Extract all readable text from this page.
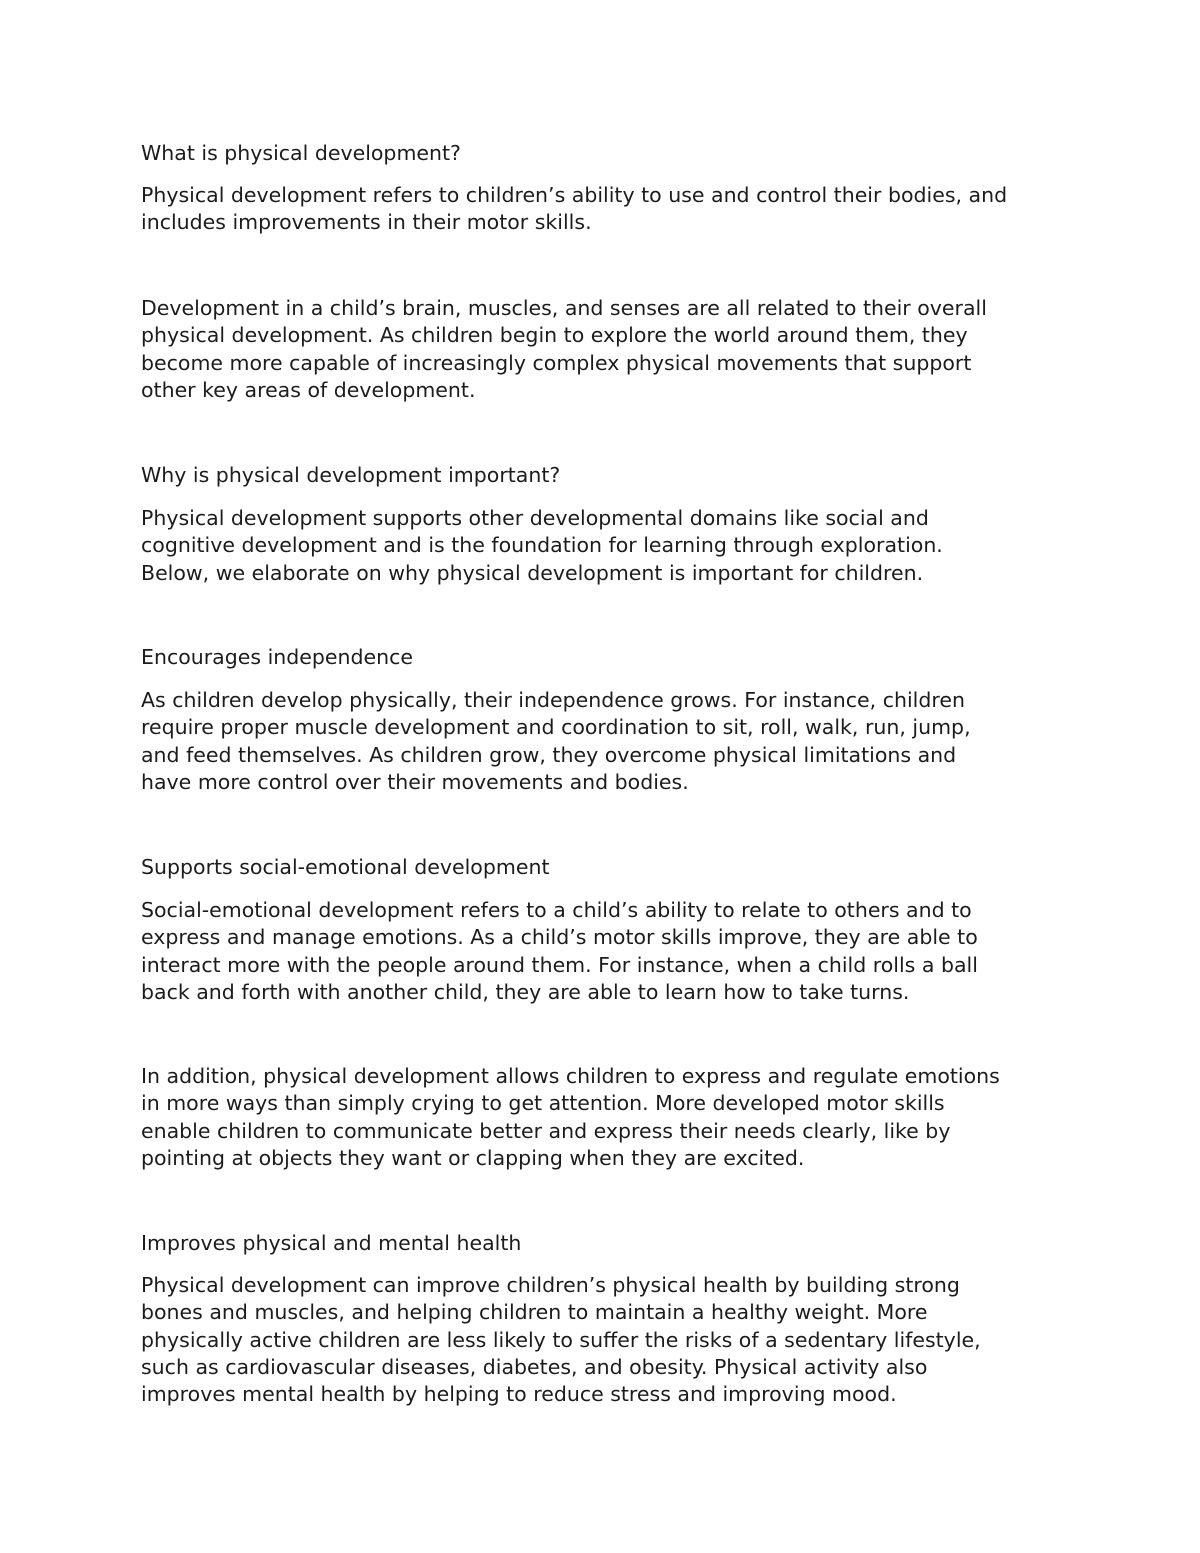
What is physical development?

Physical development refers to children’s ability to use and control their bodies, and
includes improvements in their motor skills.

Development in a child’s brain, muscles, and senses are all related to their overall
physical development. As children begin to explore the world around them, they
become more capable of increasingly complex physical movements that support
other key areas of development.

Why is physical development important?

Physical development supports other developmental domains like social and
cognitive development and is the foundation for learning through exploration.
Below, we elaborate on why physical development is important for children.

Encourages independence

As children develop physically, their independence grows. For instance, children
require proper muscle development and coordination to sit, roll, walk, run, jump,
and feed themselves. As children grow, they overcome physical limitations and
have more control over their movements and bodies.

Supports social-emotional development

Social-emotional development refers to a child’s ability to relate to others and to
express and manage emotions. As a child’s motor skills improve, they are able to
interact more with the people around them. For instance, when a child rolls a ball
back and forth with another child, they are able to learn how to take turns.

In addition, physical development allows children to express and regulate emotions
in more ways than simply crying to get attention. More developed motor skills
enable children to communicate better and express their needs clearly, like by
pointing at objects they want or clapping when they are excited.

Improves physical and mental health

Physical development can improve children’s physical health by building strong
bones and muscles, and helping children to maintain a healthy weight. More
physically active children are less likely to suffer the risks of a sedentary lifestyle,
such as cardiovascular diseases, diabetes, and obesity. Physical activity also
improves mental health by helping to reduce stress and improving mood.
